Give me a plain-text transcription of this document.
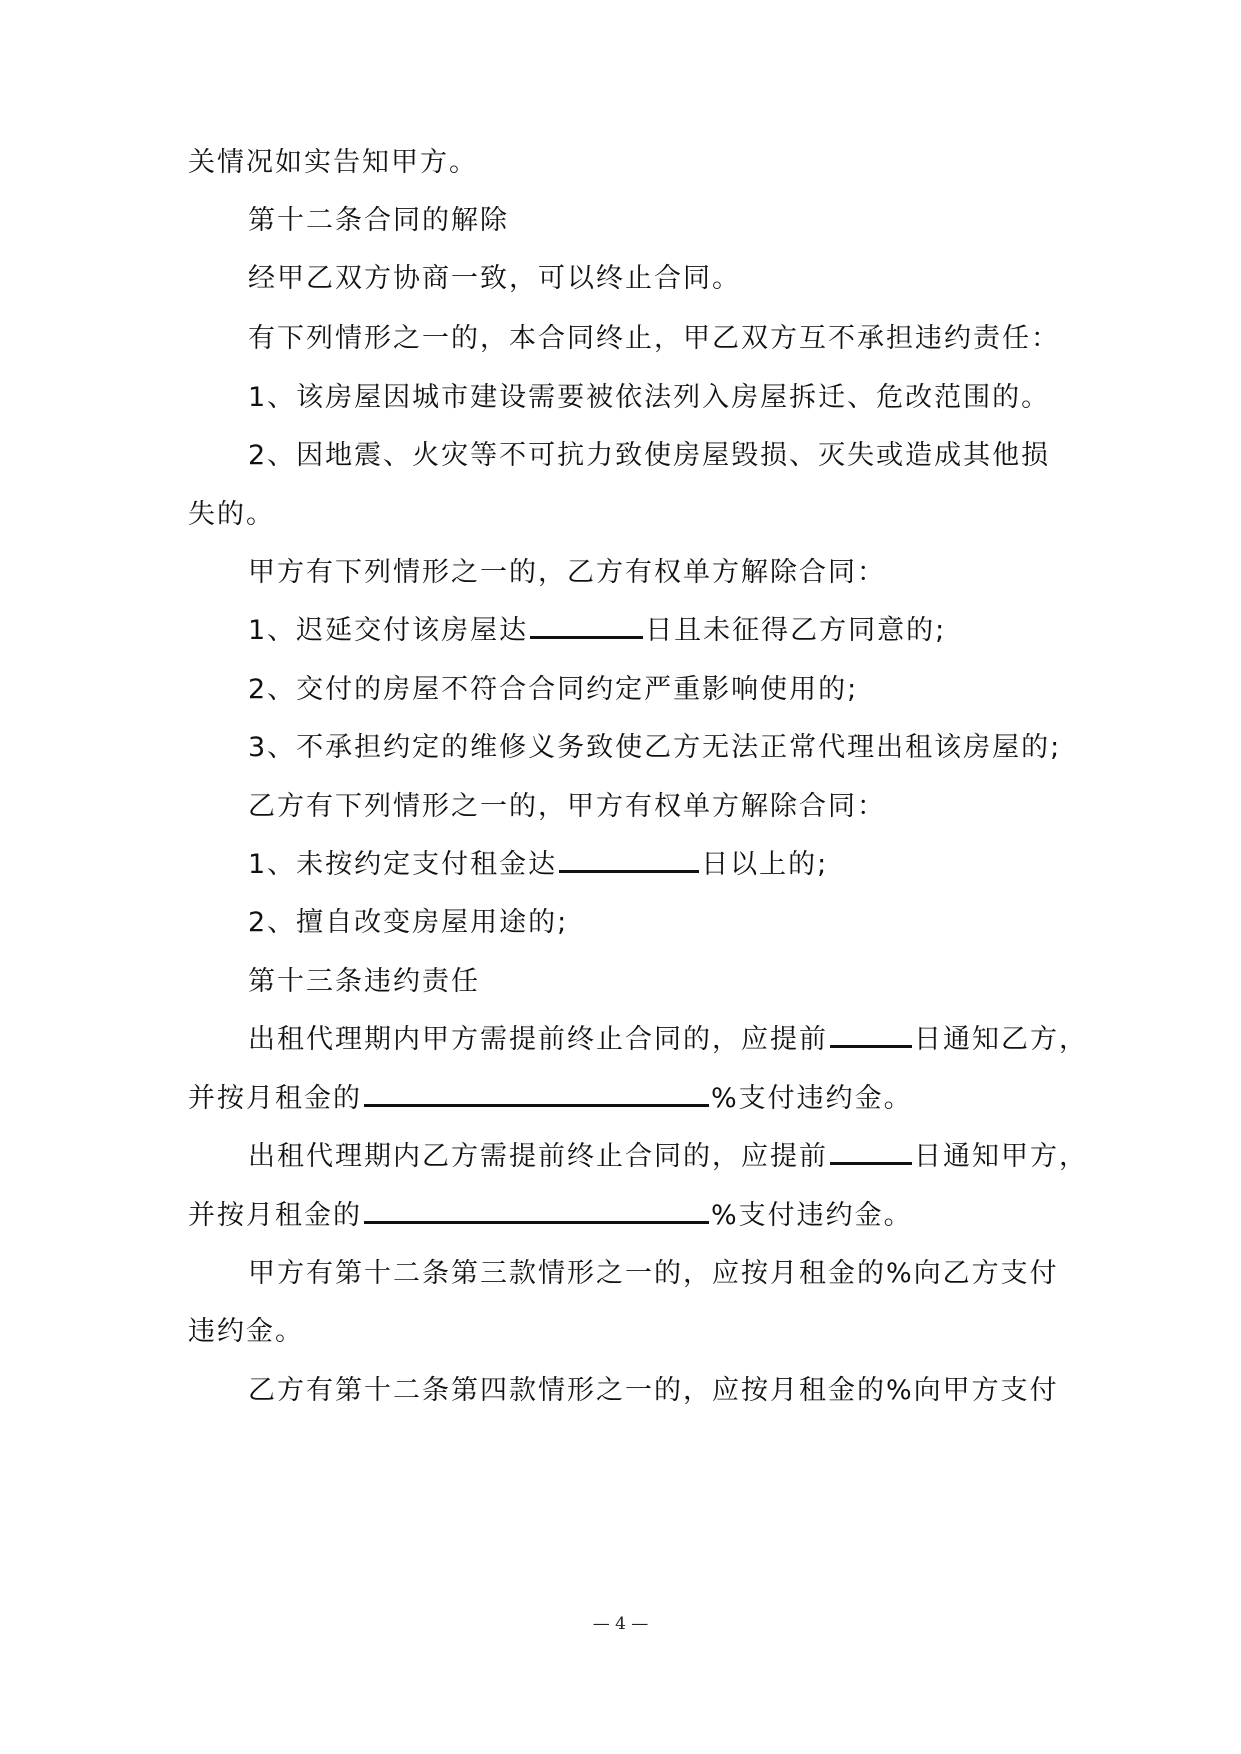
关情况如实告知甲方。
第十二条合同的解除
经甲乙双方协商一致，可以终止合同。
有下列情形之一的，本合同终止，甲乙双方互不承担违约责任：
1、该房屋因城市建设需要被依法列入房屋拆迁、危改范围的。
2、因地震、火灾等不可抗力致使房屋毁损、灭失或造成其他损
失的。
甲方有下列情形之一的，乙方有权单方解除合同：
1、迟延交付该房屋达	日且未征得乙方同意的;
2、交付的房屋不符合合同约定严重影响使用的;
3、不承担约定的维修义务致使乙方无法正常代理出租该房屋的;
乙方有下列情形之一的，甲方有权单方解除合同：
1、未按约定支付租金达	日以上的;
2、擅自改变房屋用途的;
第十三条违约责任
出租代理期内甲方需提前终止合同的，应提前	日通知乙方，
并按月租金的	%支付违约金。
出租代理期内乙方需提前终止合同的，应提前	日通知甲方，
并按月租金的	%支付违约金。
甲方有第十二条第三款情形之一的，应按月租金的%向乙方支付
违约金。
乙方有第十二条第四款情形之一的，应按月租金的%向甲方支付
— 4 —
